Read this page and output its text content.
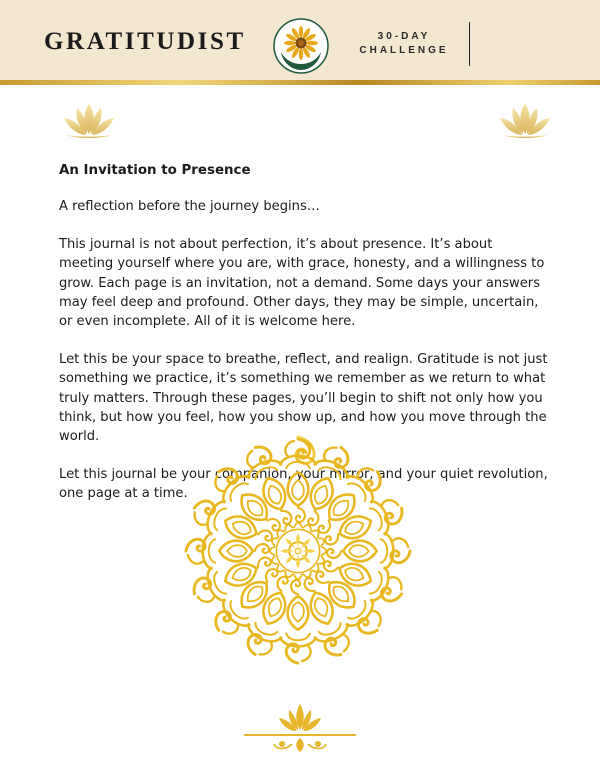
GRATITUDIST	30-DAY
CHALLENGE
An Invitation to Presence

A reflection before the journey begins…

This journal is not about perfection, it’s about presence. It’s about meeting yourself where you are, with grace, honesty, and a willingness to grow. Each page is an invitation, not a demand. Some days your answers may feel deep and profound. Other days, they may be simple, uncertain, or even incomplete. All of it is welcome here.

Let this be your space to breathe, reflect, and realign. Gratitude is not just something we practice, it’s something we remember as we return to what truly matters. Through these pages, you’ll begin to shift not only how you think, but how you feel, how you show up, and how you move through the world.

Let this journal be your companion, your mirror, and your quiet revolution, one page at a time.
